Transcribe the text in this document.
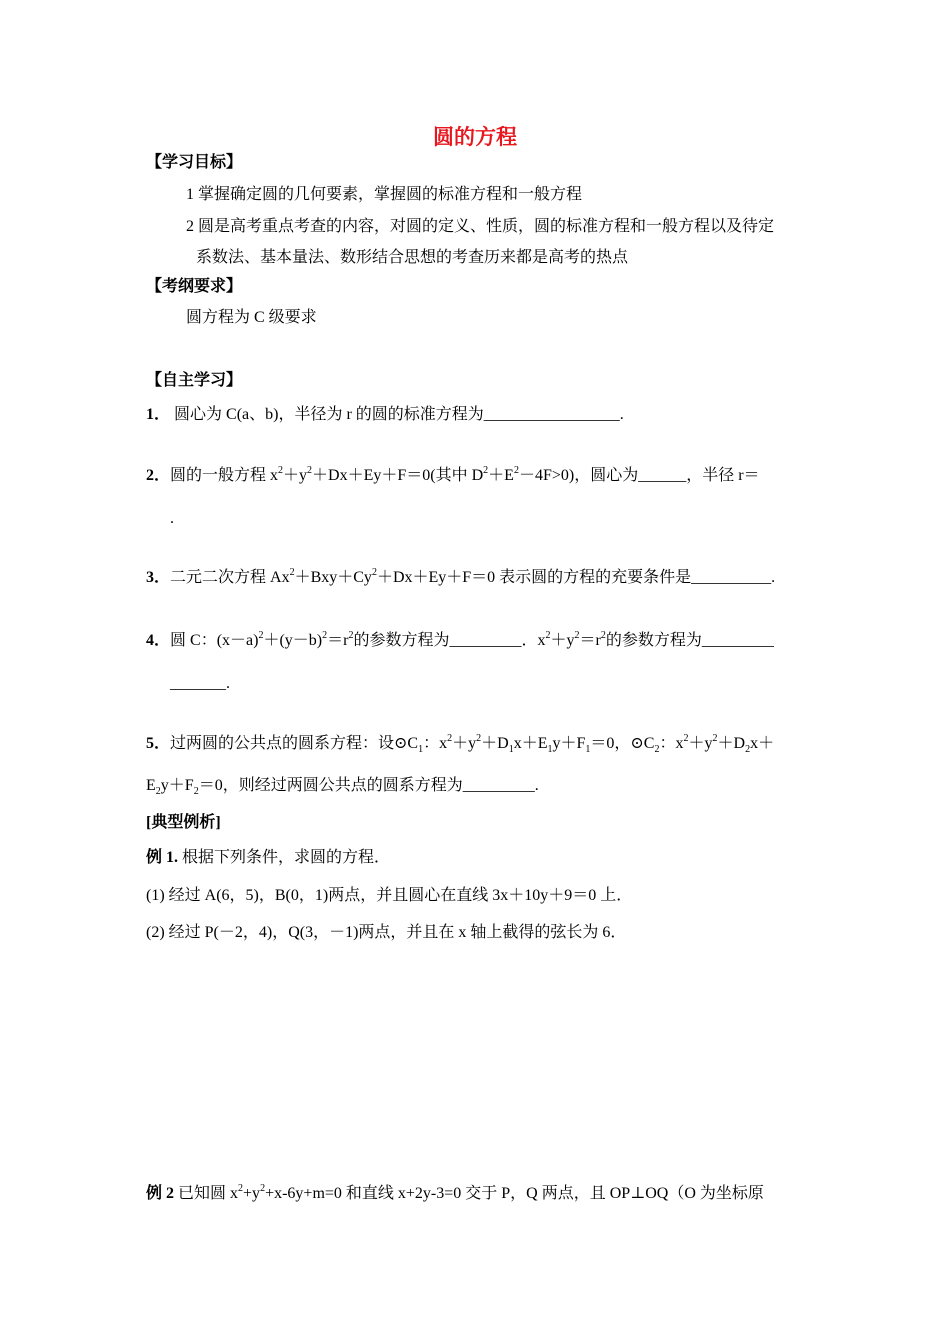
圆的方程
【学习目标】
1 掌握确定圆的几何要素，掌握圆的标准方程和一般方程
2 圆是高考重点考查的内容，对圆的定义、性质，圆的标准方程和一般方程以及待定
系数法、基本量法、数形结合思想的考查历来都是高考的热点
【考纲要求】
圆方程为 C 级要求
【自主学习】
1． 圆心为 C(a、b)，半径为 r 的圆的标准方程为_________________.
2．圆的一般方程 $x^2+y^2+Dx+Ey+F=0$(其中 $D^2+E^2-4F>0$)，圆心为______，半径 r＝
.
3．二元二次方程 $Ax^2+Bxy+Cy^2+Dx+Ey+F=0$ 表示圆的方程的充要条件是__________.
4．圆 C：$(x-a)^2+(y-b)^2=r^2$的参数方程为_________．$x^2+y^2=r^2$的参数方程为_________
_______.
5．过两圆的公共点的圆系方程：设$⊙C_1$：$x^2+y^2+D_1x+E_1y+F_1=0$，$⊙C_2$：$x^2+y^2+D_2x+$
$E_2y+F_2=0$，则经过两圆公共点的圆系方程为_________.
[典型例析]
例 1. 根据下列条件，求圆的方程．
(1) 经过 A(6，5)，B(0，1)两点，并且圆心在直线 3x＋10y＋9＝0 上．
(2) 经过 P(－2，4)，Q(3，－1)两点，并且在 x 轴上截得的弦长为 6．
例 2 已知圆 $x^2+y^2+x-6y+m=0$ 和直线 x+2y-3=0 交于 P，Q 两点，且 OP⊥OQ（O 为坐标原
